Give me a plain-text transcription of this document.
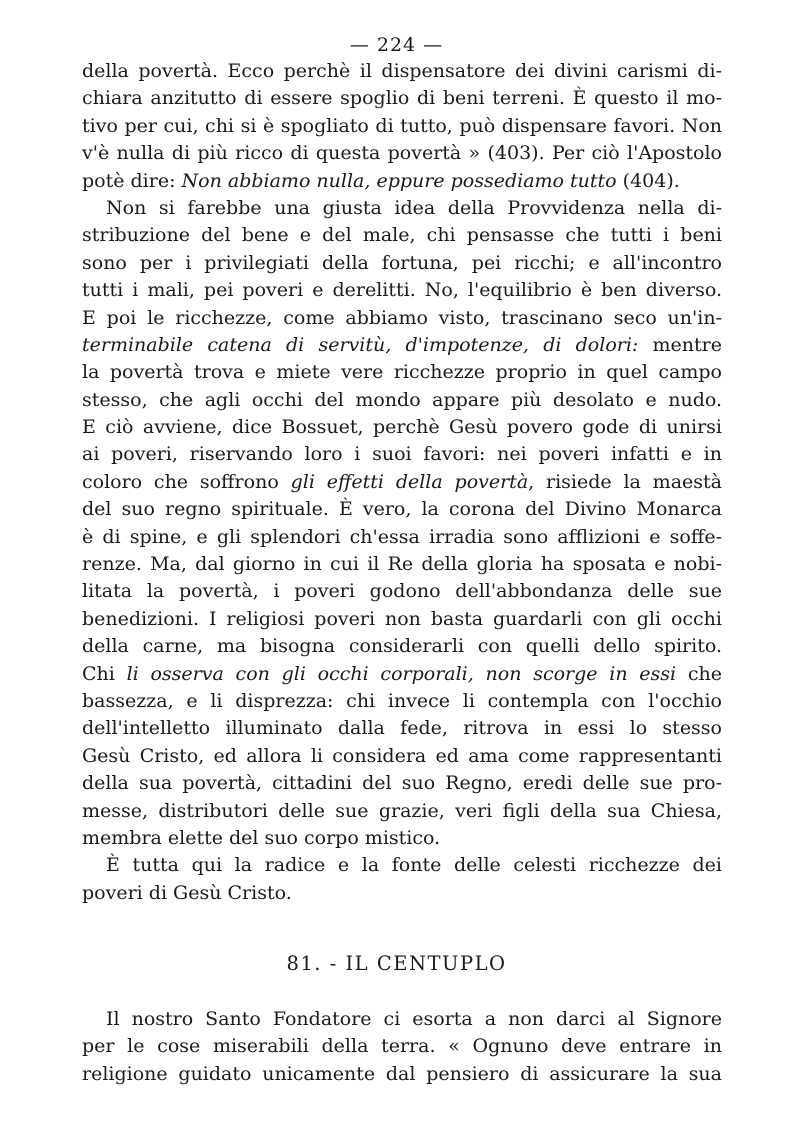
— 224 —
della povertà. Ecco perchè il dispensatore dei divini carismi di-
chiara anzitutto di essere spoglio di beni terreni. È questo il mo-
tivo per cui, chi si è spogliato di tutto, può dispensare favori. Non
v'è nulla di più ricco di questa povertà » (403). Per ciò l'Apostolo
potè dire: Non abbiamo nulla, eppure possediamo tutto (404).
Non si farebbe una giusta idea della Provvidenza nella di-
stribuzione del bene e del male, chi pensasse che tutti i beni
sono per i privilegiati della fortuna, pei ricchi; e all'incontro
tutti i mali, pei poveri e derelitti. No, l'equilibrio è ben diverso.
E poi le ricchezze, come abbiamo visto, trascinano seco un'in-
terminabile catena di servitù, d'impotenze, di dolori: mentre
la povertà trova e miete vere ricchezze proprio in quel campo
stesso, che agli occhi del mondo appare più desolato e nudo.
E ciò avviene, dice Bossuet, perchè Gesù povero gode di unirsi
ai poveri, riservando loro i suoi favori: nei poveri infatti e in
coloro che soffrono gli effetti della povertà, risiede la maestà
del suo regno spirituale. È vero, la corona del Divino Monarca
è di spine, e gli splendori ch'essa irradia sono afflizioni e soffe-
renze. Ma, dal giorno in cui il Re della gloria ha sposata e nobi-
litata la povertà, i poveri godono dell'abbondanza delle sue
benedizioni. I religiosi poveri non basta guardarli con gli occhi
della carne, ma bisogna considerarli con quelli dello spirito.
Chi li osserva con gli occhi corporali, non scorge in essi che
bassezza, e li disprezza: chi invece li contempla con l'occhio
dell'intelletto illuminato dalla fede, ritrova in essi lo stesso
Gesù Cristo, ed allora li considera ed ama come rappresentanti
della sua povertà, cittadini del suo Regno, eredi delle sue pro-
messe, distributori delle sue grazie, veri figli della sua Chiesa,
membra elette del suo corpo mistico.
È tutta qui la radice e la fonte delle celesti ricchezze dei
poveri di Gesù Cristo.
81. - IL CENTUPLO
Il nostro Santo Fondatore ci esorta a non darci al Signore
per le cose miserabili della terra. « Ognuno deve entrare in
religione guidato unicamente dal pensiero di assicurare la sua
